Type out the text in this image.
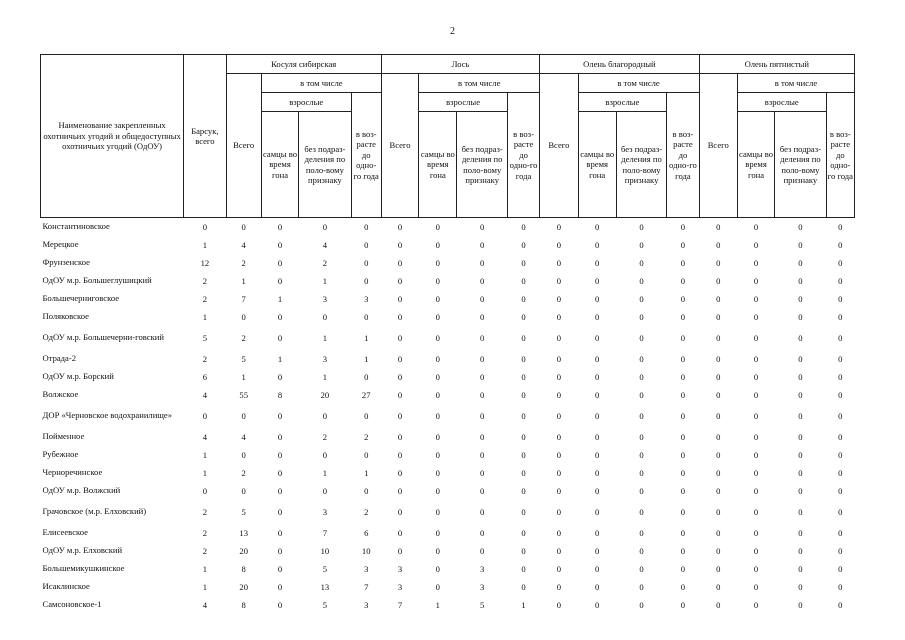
2
Наименование закрепленных охотничьих угодий и общедоступных охотничьих угодий (ОдОУ)	Барсук, всего	Косуля сибирская				Лось				Олень благородный				Олень пятнистый			
		Всего	в том числе			Всего	в том числе			Всего	в том числе			Всего	в том числе		
			взрослые		в воз-расте до одно-го года		взрослые		в воз-расте до одно-го года		взрослые		в воз-расте до одно-го года		взрослые		в воз-расте до одно-го года
			самцы во время гона	без подраз-деления по поло-вому признаку			самцы во время гона	без подраз-деления по поло-вому признаку			самцы во время гона	без подраз-деления по поло-вому признаку			самцы во время гона	без подраз-деления по поло-вому признаку	
Константиновское	0	0	0	0	0	0	0	0	0	0	0	0	0	0	0	0	0
Мерецкое	1	4	0	4	0	0	0	0	0	0	0	0	0	0	0	0	0
Фрунзенское	12	2	0	2	0	0	0	0	0	0	0	0	0	0	0	0	0
ОдОУ м.р. Большеглушицкий	2	1	0	1	0	0	0	0	0	0	0	0	0	0	0	0	0
Большечерниговское	2	7	1	3	3	0	0	0	0	0	0	0	0	0	0	0	0
Поляковское	1	0	0	0	0	0	0	0	0	0	0	0	0	0	0	0	0
ОдОУ м.р. Большечерни-говский	5	2	0	1	1	0	0	0	0	0	0	0	0	0	0	0	0
Отрада-2	2	5	1	3	1	0	0	0	0	0	0	0	0	0	0	0	0
ОдОУ м.р. Борский	6	1	0	1	0	0	0	0	0	0	0	0	0	0	0	0	0
Волжское	4	55	8	20	27	0	0	0	0	0	0	0	0	0	0	0	0
ДОР «Черновское водохранилище»	0	0	0	0	0	0	0	0	0	0	0	0	0	0	0	0	0
Пойменное	4	4	0	2	2	0	0	0	0	0	0	0	0	0	0	0	0
Рубежное	1	0	0	0	0	0	0	0	0	0	0	0	0	0	0	0	0
Черноречинское	1	2	0	1	1	0	0	0	0	0	0	0	0	0	0	0	0
ОдОУ м.р. Волжский	0	0	0	0	0	0	0	0	0	0	0	0	0	0	0	0	0
Грачовское (м.р. Елховский)	2	5	0	3	2	0	0	0	0	0	0	0	0	0	0	0	0
Елисеевское	2	13	0	7	6	0	0	0	0	0	0	0	0	0	0	0	0
ОдОУ м.р. Елховский	2	20	0	10	10	0	0	0	0	0	0	0	0	0	0	0	0
Большемикушкинское	1	8	0	5	3	3	0	3	0	0	0	0	0	0	0	0	0
Исаклинское	1	20	0	13	7	3	0	3	0	0	0	0	0	0	0	0	0
Самсоновское-1	4	8	0	5	3	7	1	5	1	0	0	0	0	0	0	0	0
